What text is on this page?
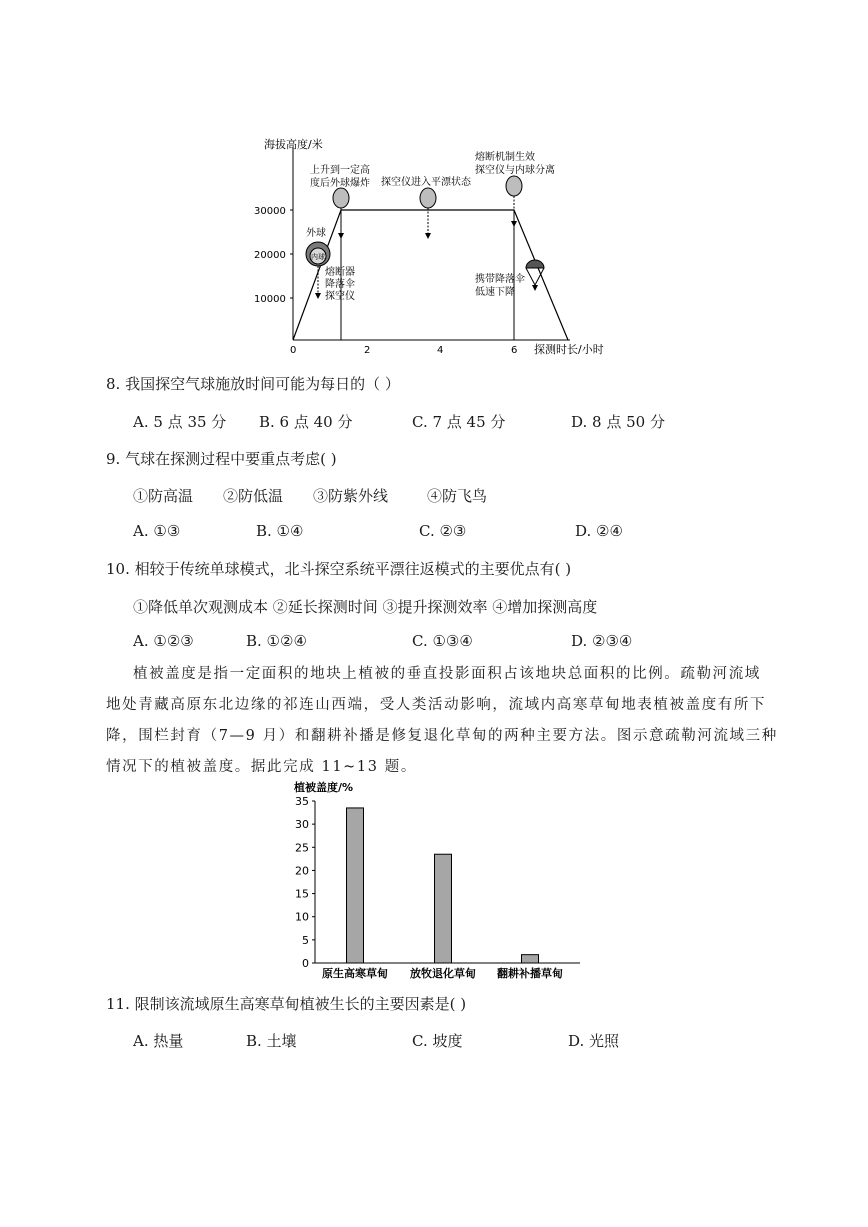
海拔高度/米
探测时长/小时
30000
20000
10000
0	2	4	6
内球
上升到一定高
度后外球爆炸 探空仪进入平漂状态
熔断机制生效
探空仪与内球分离
外球
熔断器
降落伞
探空仪
携带降落伞
低速下降
8. 我国探空气球施放时间可能为每日的（ ）
A. 5 点 35 分 B. 6 点 40 分	C. 7 点 45 分	D. 8 点 50 分
9. 气球在探测过程中要重点考虑( )
①防高温 ②防低温 ③防紫外线	④防飞鸟
A. ①③	B. ①④	C. ②③	D. ②④
10. 相较于传统单球模式，北斗探空系统平漂往返模式的主要优点有( )
①降低单次观测成本 ②延长探测时间 ③提升探测效率 ④增加探测高度
A. ①②③	B. ①②④	C. ①③④	D. ②③④
植被盖度是指一定面积的地块上植被的垂直投影面积占该地块总面积的比例。疏勒河流域
地处青藏高原东北边缘的祁连山西端，受人类活动影响，流域内高寒草甸地表植被盖度有所下
降，围栏封育（7—9 月）和翻耕补播是修复退化草甸的两种主要方法。图示意疏勒河流域三种
情况下的植被盖度。据此完成 11~13 题。
植被盖度/%
0
5
10
15
20
25
30
35
原生高寒草甸 放牧退化草甸 翻耕补播草甸
11. 限制该流域原生高寒草甸植被生长的主要因素是( )
A. 热量	B. 土壤	C. 坡度	D. 光照
